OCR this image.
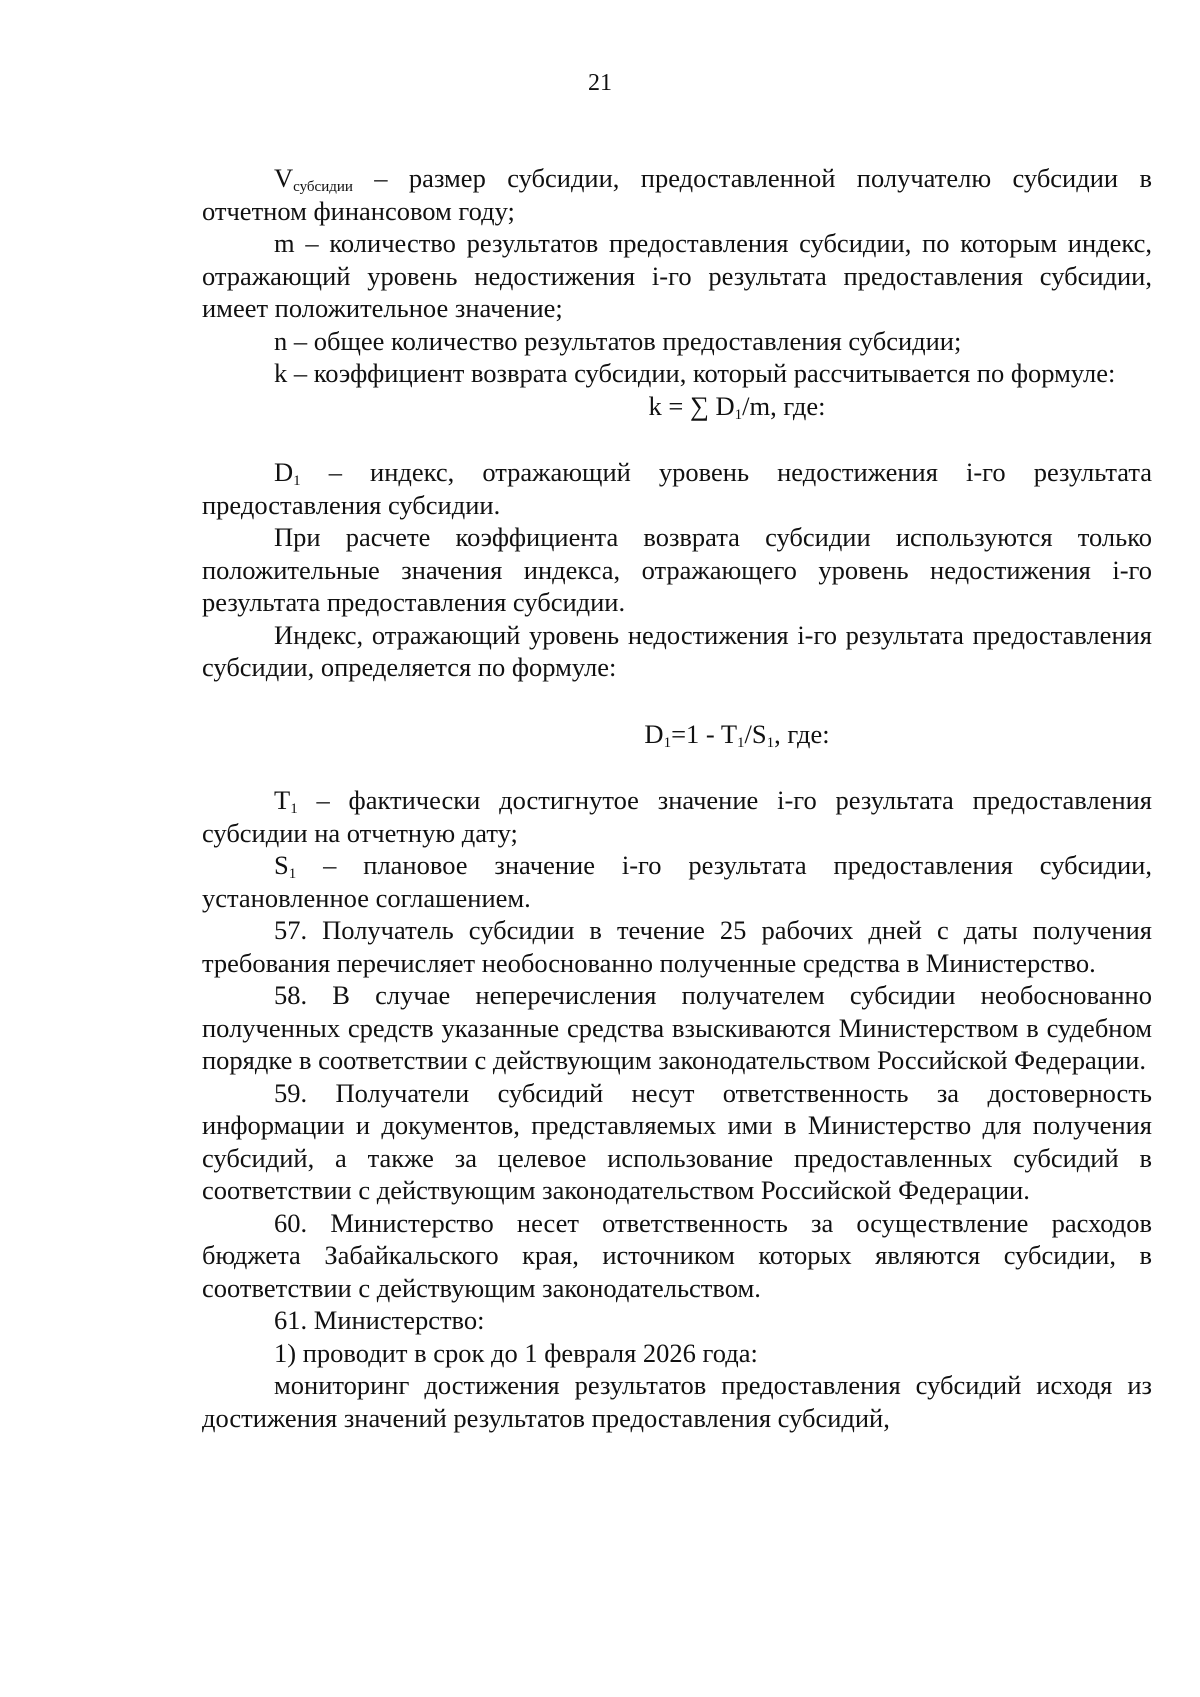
21

$V_{субсидии}$ – размер субсидии, предоставленной получателю субсидии в отчетном финансовом году;

m – количество результатов предоставления субсидии, по которым индекс, отражающий уровень недостижения i-го результата предоставления субсидии, имеет положительное значение;

n – общее количество результатов предоставления субсидии;

k – коэффициент возврата субсидии, который рассчитывается по формуле:

k = ∑ $D_1/m$, где:

$D_1$ – индекс, отражающий уровень недостижения i-го результата предоставления субсидии.

При расчете коэффициента возврата субсидии используются только положительные значения индекса, отражающего уровень недостижения i-го результата предоставления субсидии.

Индекс, отражающий уровень недостижения i-го результата предоставления субсидии, определяется по формуле:

$D_1=1 - T_1/S_1$, где:

$T_1$ – фактически достигнутое значение i-го результата предоставления субсидии на отчетную дату;

$S_1$ – плановое значение i-го результата предоставления субсидии, установленное соглашением.

57. Получатель субсидии в течение 25 рабочих дней с даты получения требования перечисляет необоснованно полученные средства в Министерство.

58. В случае неперечисления получателем субсидии необоснованно полученных средств указанные средства взыскиваются Министерством в судебном порядке в соответствии с действующим законодательством Российской Федерации.

59. Получатели субсидий несут ответственность за достоверность информации и документов, представляемых ими в Министерство для получения субсидий, а также за целевое использование предоставленных субсидий в соответствии с действующим законодательством Российской Федерации.

60. Министерство несет ответственность за осуществление расходов бюджета Забайкальского края, источником которых являются субсидии, в соответствии с действующим законодательством.

61. Министерство:

1) проводит в срок до 1 февраля 2026 года:

мониторинг достижения результатов предоставления субсидий исходя из достижения значений результатов предоставления субсидий,
